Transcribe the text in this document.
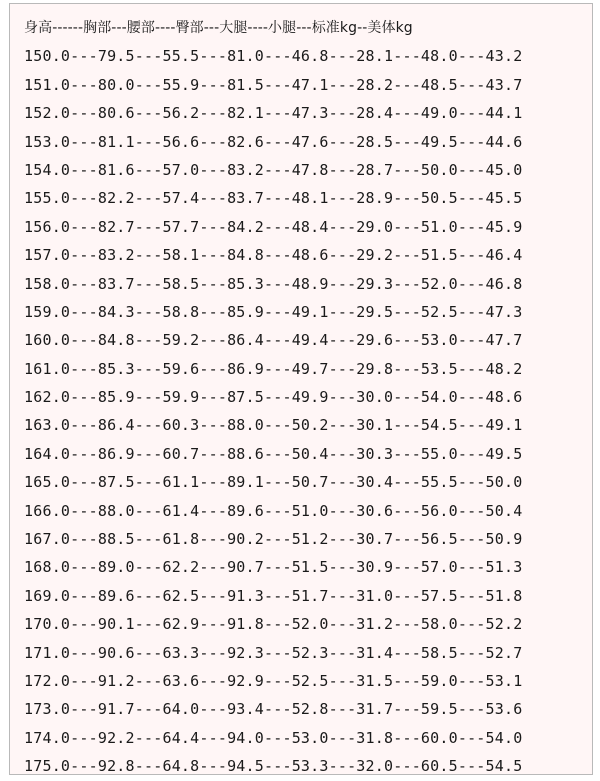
身高------胸部---腰部----臀部---大腿----小腿---标准kg--美体kg
150.0---79.5---55.5---81.0---46.8---28.1---48.0---43.2
151.0---80.0---55.9---81.5---47.1---28.2---48.5---43.7
152.0---80.6---56.2---82.1---47.3---28.4---49.0---44.1
153.0---81.1---56.6---82.6---47.6---28.5---49.5---44.6
154.0---81.6---57.0---83.2---47.8---28.7---50.0---45.0
155.0---82.2---57.4---83.7---48.1---28.9---50.5---45.5
156.0---82.7---57.7---84.2---48.4---29.0---51.0---45.9
157.0---83.2---58.1---84.8---48.6---29.2---51.5---46.4
158.0---83.7---58.5---85.3---48.9---29.3---52.0---46.8
159.0---84.3---58.8---85.9---49.1---29.5---52.5---47.3
160.0---84.8---59.2---86.4---49.4---29.6---53.0---47.7
161.0---85.3---59.6---86.9---49.7---29.8---53.5---48.2
162.0---85.9---59.9---87.5---49.9---30.0---54.0---48.6
163.0---86.4---60.3---88.0---50.2---30.1---54.5---49.1
164.0---86.9---60.7---88.6---50.4---30.3---55.0---49.5
165.0---87.5---61.1---89.1---50.7---30.4---55.5---50.0
166.0---88.0---61.4---89.6---51.0---30.6---56.0---50.4
167.0---88.5---61.8---90.2---51.2---30.7---56.5---50.9
168.0---89.0---62.2---90.7---51.5---30.9---57.0---51.3
169.0---89.6---62.5---91.3---51.7---31.0---57.5---51.8
170.0---90.1---62.9---91.8---52.0---31.2---58.0---52.2
171.0---90.6---63.3---92.3---52.3---31.4---58.5---52.7
172.0---91.2---63.6---92.9---52.5---31.5---59.0---53.1
173.0---91.7---64.0---93.4---52.8---31.7---59.5---53.6
174.0---92.2---64.4---94.0---53.0---31.8---60.0---54.0
175.0---92.8---64.8---94.5---53.3---32.0---60.5---54.5
